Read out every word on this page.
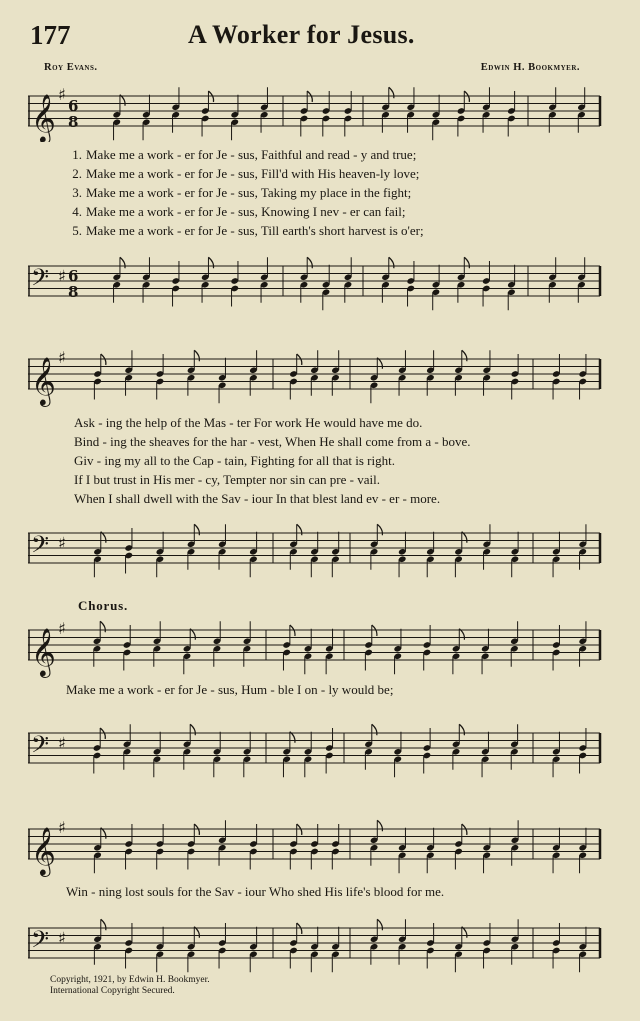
177	A Worker for Jesus.
Roy Evans.	Edwin H. Bookmyer.
𝄞 ♯
6
8
1. Make me a work - er for Je - sus, Faithful and read - y and true;
2. Make me a work - er for Je - sus, Fill'd with His heaven-ly love;
3. Make me a work - er for Je - sus, Taking my place in the fight;
4. Make me a work - er for Je - sus, Knowing I nev - er can fail;
5. Make me a work - er for Je - sus, Till earth's short harvest is o'er;
𝄢 ♯ 6
8
𝄞 ♯
Ask - ing the help of the Mas - ter For work He would have me do.
Bind - ing the sheaves for the har - vest, When He shall come from a - bove.
Giv - ing my all to the Cap - tain, Fighting for all that is right.
If I but trust in His mer - cy, Tempter nor sin can pre - vail.
When I shall dwell with the Sav - iour In that blest land ev - er - more.
𝄢 ♯
Chorus.
𝄞 ♯
Make me a work - er for Je - sus, Hum - ble I on - ly would be;
𝄢 ♯
𝄞 ♯
Win - ning lost souls for the Sav - iour Who shed His life's blood for me.
𝄢 ♯
Copyright, 1921, by Edwin H. Bookmyer.
International Copyright Secured.
